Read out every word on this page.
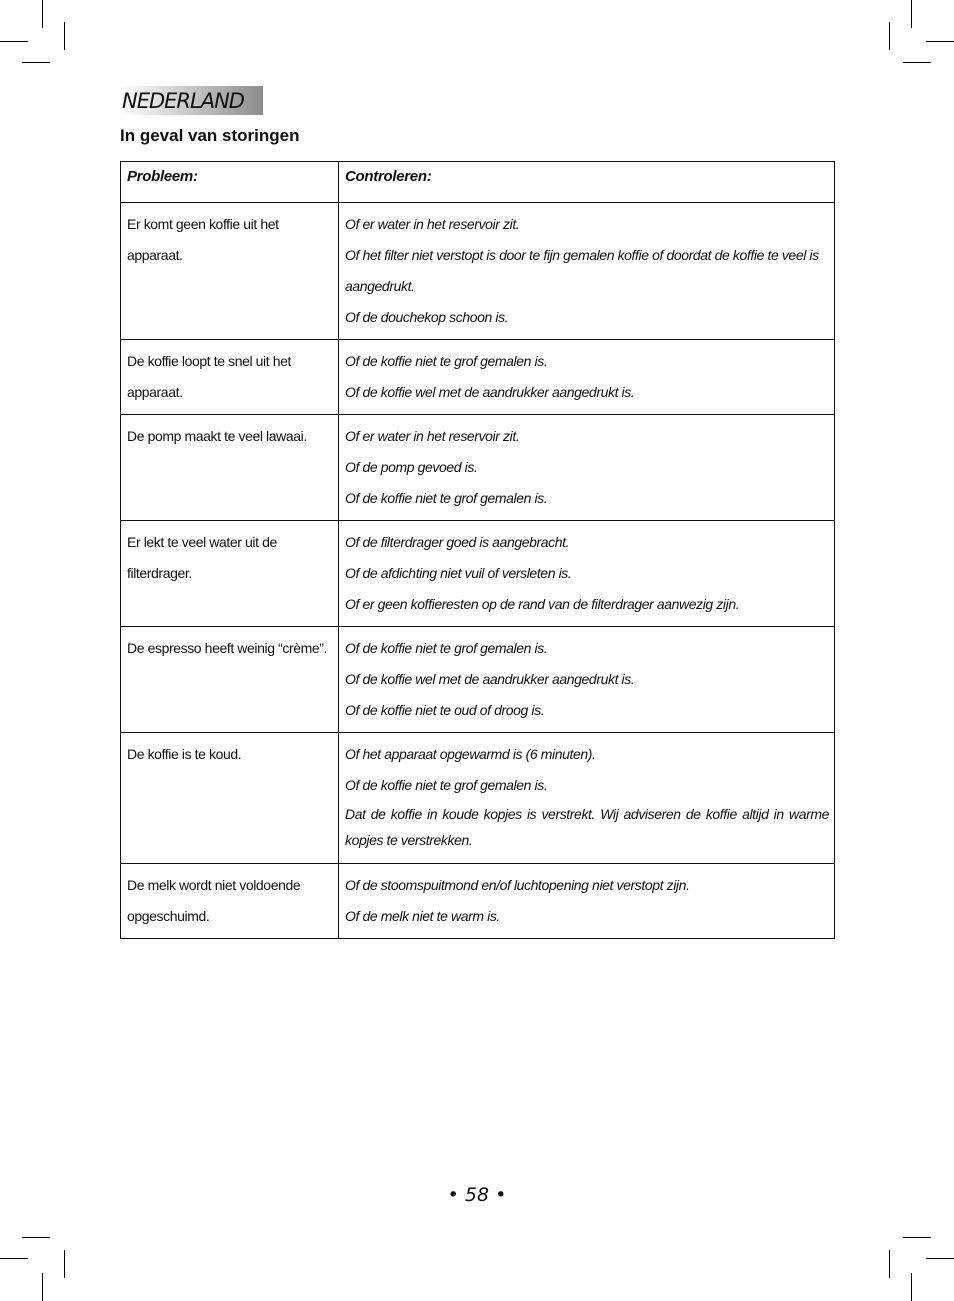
NEDERLAND
In geval van storingen
Probleem:	Controleren:
Er komt geen koffie uit het apparaat.	Of er water in het reservoir zit.
Of het filter niet verstopt is door te fijn gemalen koffie of doordat de koffie te veel is aangedrukt.
Of de douchekop schoon is.

De koffie loopt te snel uit het apparaat.	Of de koffie niet te grof gemalen is.
Of de koffie wel met de aandrukker aangedrukt is.

De pomp maakt te veel lawaai.	Of er water in het reservoir zit.
Of de pomp gevoed is.
Of de koffie niet te grof gemalen is.

Er lekt te veel water uit de filterdrager.	Of de filterdrager goed is aangebracht.
Of de afdichting niet vuil of versleten is.
Of er geen koffieresten op de rand van de filterdrager aanwezig zijn.

De espresso heeft weinig “crème”.	Of de koffie niet te grof gemalen is.
Of de koffie wel met de aandrukker aangedrukt is.
Of de koffie niet te oud of droog is.

De koffie is te koud.	Of het apparaat opgewarmd is (6 minuten).
Of de koffie niet te grof gemalen is.
Dat de koffie in koude kopjes is verstrekt. Wij adviseren de koffie altijd in warme kopjes te verstrekken.

De melk wordt niet voldoende opgeschuimd.	Of de stoomspuitmond en/of luchtopening niet verstopt zijn.
Of de melk niet te warm is.
• 58 •
